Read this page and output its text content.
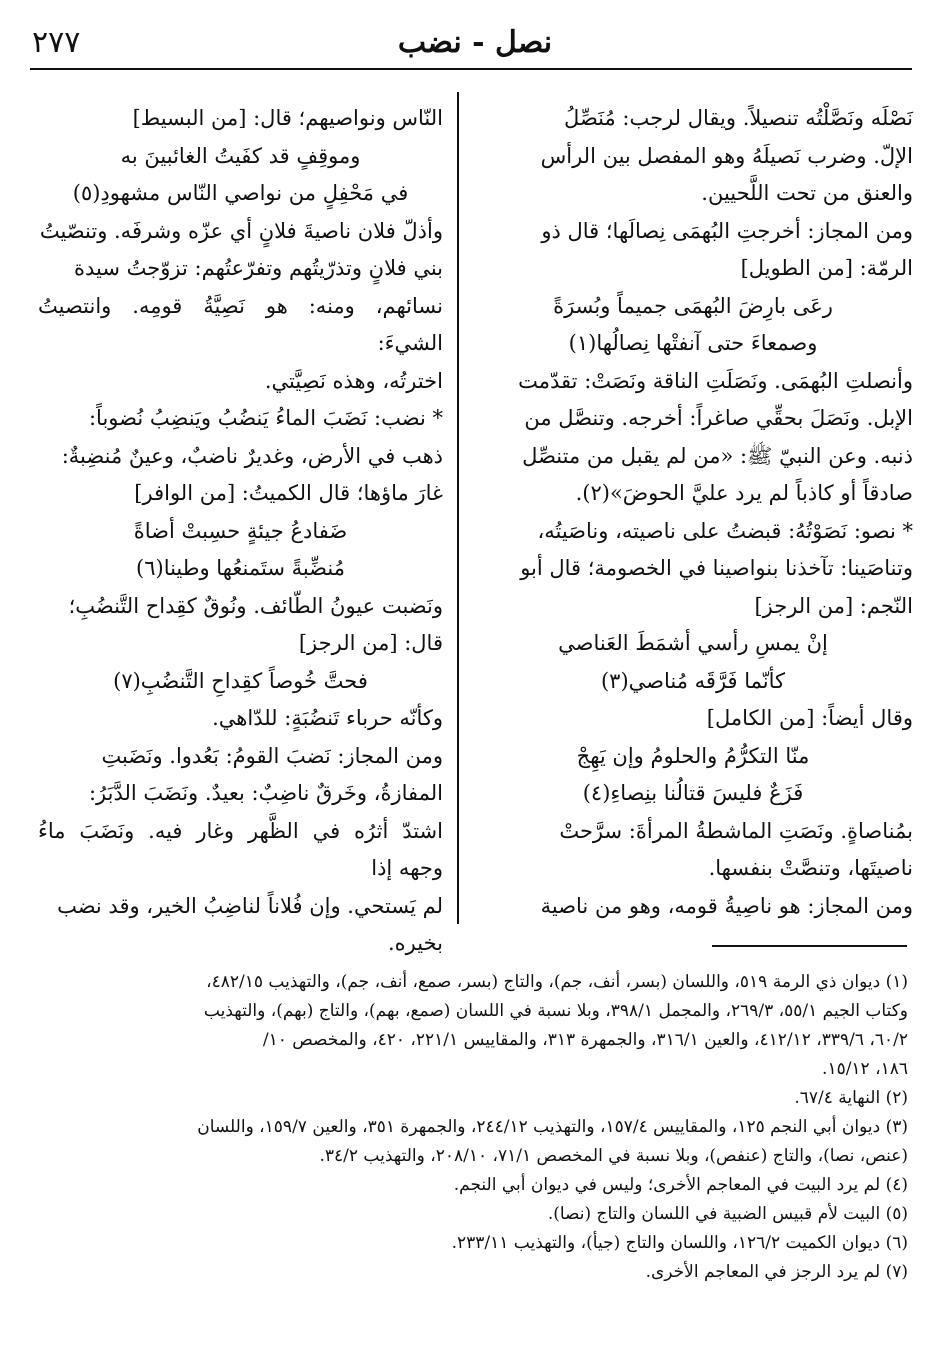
٢٧٧	نصل - نضب

نَصْلَه ونَصَّلْتُه تنصيلاً. ويقال لرجب: مُنَصِّلُ

الإلّ. وضرب نَصيلَهُ وهو المفصل بين الرأس

والعنق من تحت اللَّحيين.

ومن المجاز: أخرجتِ البُهمَى نِصالَها؛ قال ذو

الرمّة: [من الطويل]

رعَى بارِضَ البُهمَى جميماً وبُسرَةً

وصمعاءَ حتى آنفتْها نِصالُها(١)

وأنصلتِ البُهمَى. ونَصَلَتِ الناقة ونَصَتْ: تقدّمت

الإبل. ونَصَلَ بحقِّي صاغراً: أخرجه. وتنصَّل من

ذنبه. وعن النبيّ ﷺ: «من لم يقبل من متنصِّل

صادقاً أو كاذباً لم يرد عليَّ الحوضَ»(٢).

* نصو: نَصَوْتُهُ: قبضتُ على ناصيته، وناصَيتُه،

وتناصَينا: تآخذنا بنواصينا في الخصومة؛ قال أبو

النّجم: [من الرجز]

إنْ يمسِ رأسي أشمَطَ العَناصي

كأنّما فَرَّقَه مُناصي(٣)

وقال أيضاً: [من الكامل]

منّا التكرُّمُ والحلومُ وإن يَهِجْ

فَزَعٌ فليسَ قتالُنا بنِصاءِ(٤)

بمُناصاةٍ. ونَصَتِ الماشطةُ المرأةَ: سرَّحتْ

ناصيتَها، وتنصَّتْ بنفسها.

ومن المجاز: هو ناصِيةُ قومه، وهو من ناصية

النّاس ونواصيهم؛ قال: [من البسيط]

وموقِفٍ قد كفَيتُ الغائبينَ به

في مَحْفِلٍ من نواصي النّاس مشهودِ(٥)

وأذلّ فلان ناصيةَ فلانٍ أي عزّه وشرفَه. وتنصّيتُ

بني فلانٍ وتذرّيتُهم وتفرّعتُهم: تزوّجتُ سيدة

نسائهم، ومنه: هو نَصِيَّةُ قومِه. وانتصيتُ الشيءَ:

اخترتُه، وهذه نَصِيَّتي.

* نضب: نَضَبَ الماءُ يَنضُبُ ويَنضِبُ نُضوباً:

ذهب في الأرض، وغديرٌ ناضبٌ، وعينٌ مُنضِبةٌ:

غارَ ماؤها؛ قال الكميتُ: [من الوافر]

ضَفادعُ جيئةٍ حسِبتْ أضاةً

مُنضِّبةً ستَمنعُها وطينا(٦)

ونَضبت عيونُ الطّائف. ونُوقٌ كقِداح التَّنضُبِ؛

قال: [من الرجز]

فحتَّ خُوصاً كقِداحِ التَّنضُبِ(٧)

وكأنّه حرباء تَنضُبَةٍ: للدّاهي.

ومن المجاز: نَضبَ القومُ: بَعُدوا. ونَضَبتِ

المفازةُ، وخَرقٌ ناضِبٌ: بعيدٌ. ونَضَبَ الدَّبَرُ:

اشتدّ أثرُه في الظَّهر وغار فيه. ونَضَبَ ماءُ وجهه إذا

لم يَستحي. وإن فُلاناً لناضِبُ الخير، وقد نضب

بخيره.

(١) ديوان ذي الرمة ٥١٩، واللسان (بسر، أنف، جم)، والتاج (بسر، صمع، أنف، جم)، والتهذيب ٤٨٢/١٥،

وكتاب الجيم ٥٥/١، ٢٦٩/٣، والمجمل ٣٩٨/١، وبلا نسبة في اللسان (صمع، بهم)، والتاج (بهم)، والتهذيب

٦٠/٢، ٣٣٩/٦، ٤١٢/١٢، والعين ٣١٦/١، والجمهرة ٣١٣، والمقاييس ٢٢١/١، ٤٢٠، والمخصص ١٠/

١٨٦، ١٥/١٢.

(٢) النهاية ٦٧/٤.

(٣) ديوان أبي النجم ١٢٥، والمقاييس ١٥٧/٤، والتهذيب ٢٤٤/١٢، والجمهرة ٣٥١، والعين ١٥٩/٧، واللسان

(عنص، نصا)، والتاج (عنفص)، وبلا نسبة في المخصص ٧١/١، ٢٠٨/١٠، والتهذيب ٣٤/٢.

(٤) لم يرد البيت في المعاجم الأخرى؛ وليس في ديوان أبي النجم.

(٥) البيت لأم قبيس الضبية في اللسان والتاج (نصا).

(٦) ديوان الكميت ١٢٦/٢، واللسان والتاج (جيأ)، والتهذيب ٢٣٣/١١.

(٧) لم يرد الرجز في المعاجم الأخرى.
